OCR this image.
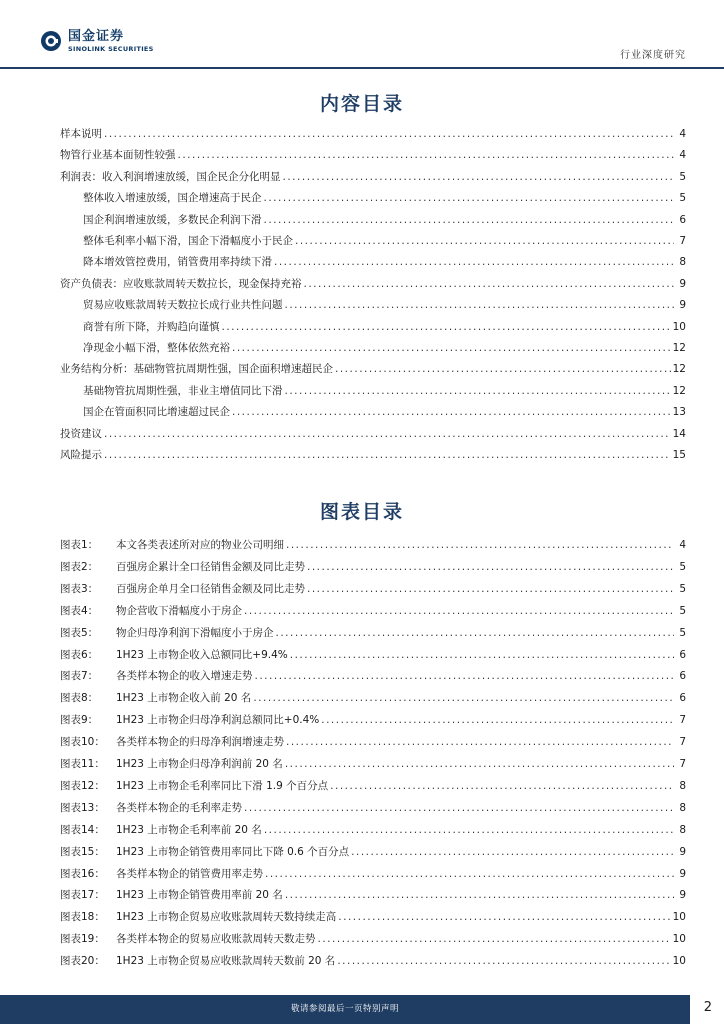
国金证券
SINOLINK SECURITIES
行业深度研究
内容目录
样本说明 .....	4
物管行业基本面韧性较强 .....	4
利润表：收入利润增速放缓，国企民企分化明显 .....	5
整体收入增速放缓，国企增速高于民企 .....	5
国企利润增速放缓，多数民企利润下滑 .....	6
整体毛利率小幅下滑，国企下滑幅度小于民企 .....	7
降本增效管控费用，销管费用率持续下滑 .....	8
资产负债表：应收账款周转天数拉长，现金保持充裕 .....	9
贸易应收账款周转天数拉长成行业共性问题 .....	9
商誉有所下降，并购趋向谨慎 .....	10
净现金小幅下滑，整体依然充裕 .....	12
业务结构分析：基础物管抗周期性强，国企面积增速超民企 .....	12
基础物管抗周期性强，非业主增值同比下滑 .....	12
国企在管面积同比增速超过民企 .....	13
投资建议 .....	14
风险提示 .....	15
图表目录
图表1：	本文各类表述所对应的物业公司明细 .....	4
图表2：	百强房企累计全口径销售金额及同比走势 .....	5
图表3：	百强房企单月全口径销售金额及同比走势 .....	5
图表4：	物企营收下滑幅度小于房企 .....	5
图表5：	物企归母净利润下滑幅度小于房企 .....	5
图表6：	1H23 上市物企收入总额同比+9.4% .....	6
图表7：	各类样本物企的收入增速走势 .....	6
图表8：	1H23 上市物企收入前 20 名 .....	6
图表9：	1H23 上市物企归母净利润总额同比+0.4% .....	7
图表10：	各类样本物企的归母净利润增速走势 .....	7
图表11：	1H23 上市物企归母净利润前 20 名 .....	7
图表12：	1H23 上市物企毛利率同比下滑 1.9 个百分点 .....	8
图表13：	各类样本物企的毛利率走势 .....	8
图表14：	1H23 上市物企毛利率前 20 名 .....	8
图表15：	1H23 上市物企销管费用率同比下降 0.6 个百分点 .....	9
图表16：	各类样本物企的销管费用率走势 .....	9
图表17：	1H23 上市物企销管费用率前 20 名 .....	9
图表18：	1H23 上市物企贸易应收账款周转天数持续走高 .....	10
图表19：	各类样本物企的贸易应收账款周转天数走势 .....	10
图表20：	1H23 上市物企贸易应收账款周转天数前 20 名 .....	10
敬请参阅最后一页特别声明	2
